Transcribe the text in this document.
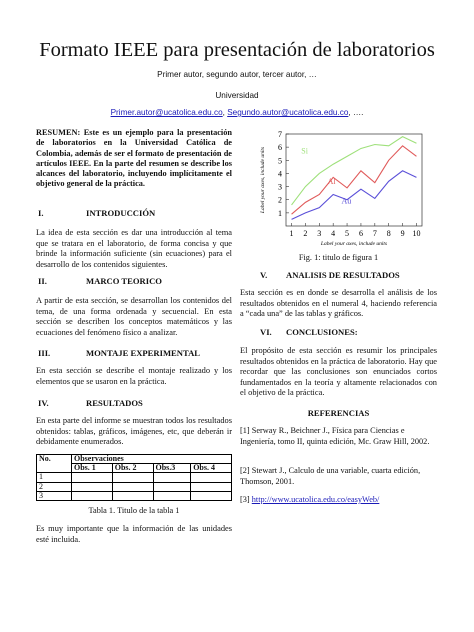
Formato IEEE para presentación de laboratorios
Primer autor, segundo autor, tercer autor, …
Universidad
Primer.autor@ucatolica.edu.co, Segundo.autor@ucatolica.edu.co, ….
RESUMEN: Este es un ejemplo para la presentación de laboratorios en la Universidad Católica de Colombia, además de ser el formato de presentación de artículos IEEE. En la parte del resumen se describe los alcances del laboratorio, incluyendo implícitamente el objetivo general de la práctica.
I.	INTRODUCCIÓN
La idea de esta sección es dar una introducción al tema que se tratara en el laboratorio, de forma concisa y que brinde la información suficiente (sin ecuaciones) para el desarrollo de los contenidos siguientes.
II.	MARCO TEORICO
A partir de esta sección, se desarrollan los contenidos del tema, de una forma ordenada y secuencial. En esta sección se describen los conceptos matemáticos y las ecuaciones del fenómeno físico a analizar.
III.	MONTAJE EXPERIMENTAL
En esta sección se describe el montaje realizado y los elementos que se usaron en la práctica.
IV.	RESULTADOS
En esta parte del informe se muestran todos los resultados obtenidos: tablas, gráficos, imágenes, etc, que deberán ir debidamente enumerados.
No.	Observaciones			
	Obs. 1	Obs. 2	Obs.3	Obs. 4
1				
2				
3				
Tabla 1. Titulo de la tabla 1
Es muy importante que la información de las unidades esté incluida.
1
2
3
4
5
6
7
1 2 3 4 5 6 7 8 9 10
Label your axes, include units
Label your axes, include units	Si
Al
Au
Fig. 1: titulo de figura 1
V. ANALISIS DE RESULTADOS
Esta sección es en donde se desarrolla el análisis de los resultados obtenidos en el numeral 4, haciendo referencia a “cada una” de las tablas y gráficos.
VI. CONCLUSIONES:
El propósito de esta sección es resumir los principales resultados obtenidos en la práctica de laboratorio. Hay que recordar que las conclusiones son enunciados cortos fundamentados en la teoría y altamente relacionados con el objetivo de la práctica.
REFERENCIAS
[1] Serway R., Beichner J., Física para Ciencias e Ingeniería, tomo II, quinta edición, Mc. Graw Hill, 2002.
[2] Stewart J., Calculo de una variable, cuarta edición, Thomson, 2001.
[3] http://www.ucatolica.edu.co/easyWeb/
